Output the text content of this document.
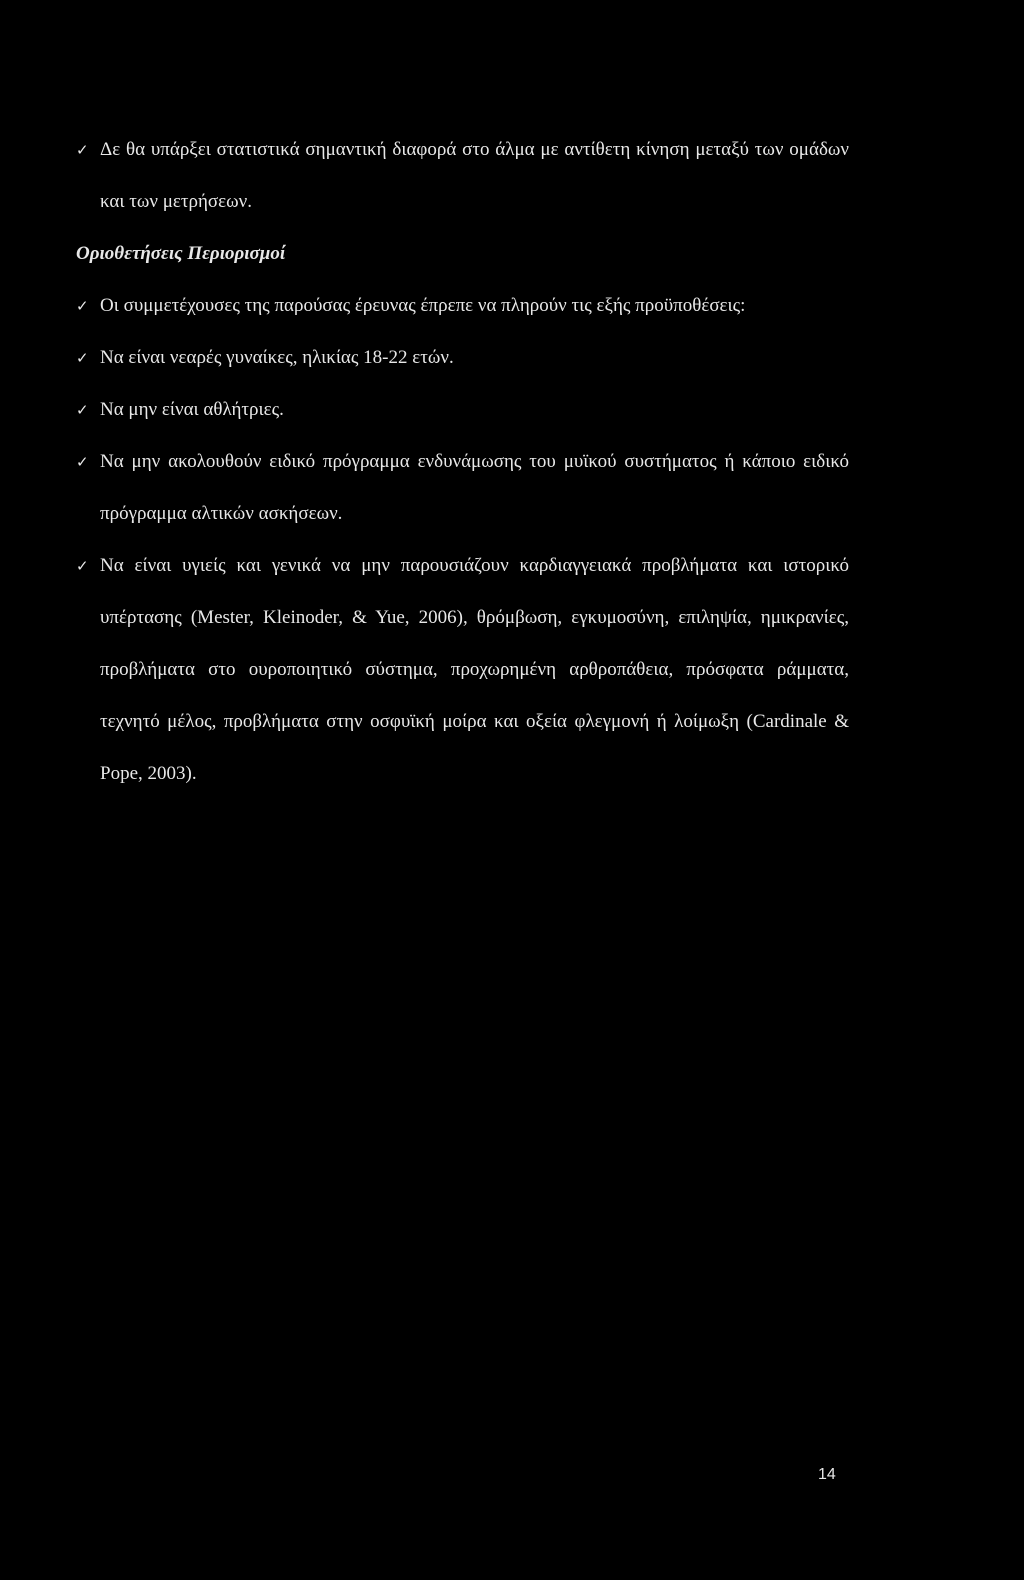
✓ Δε θα υπάρξει στατιστικά σημαντική διαφορά στο άλμα με αντίθετη κίνηση μεταξύ των ομάδων και των μετρήσεων.
Οριοθετήσεις Περιορισμοί
✓ Οι συμμετέχουσες της παρούσας έρευνας έπρεπε να πληρούν τις εξής προϋποθέσεις:
✓ Να είναι νεαρές γυναίκες, ηλικίας 18-22 ετών.
✓ Να μην είναι αθλήτριες.
✓ Να μην ακολουθούν ειδικό πρόγραμμα ενδυνάμωσης του μυϊκού συστήματος ή κάποιο ειδικό πρόγραμμα αλτικών ασκήσεων.
✓ Να είναι υγιείς και γενικά να μην παρουσιάζουν καρδιαγγειακά προβλήματα και ιστορικό υπέρτασης (Mester, Kleinoder, & Yue, 2006), θρόμβωση, εγκυμοσύνη, επιληψία, ημικρανίες, προβλήματα στο ουροποιητικό σύστημα, προχωρημένη αρθροπάθεια, πρόσφατα ράμματα, τεχνητό μέλος, προβλήματα στην οσφυϊκή μοίρα και οξεία φλεγμονή ή λοίμωξη (Cardinale & Pope, 2003).
14
